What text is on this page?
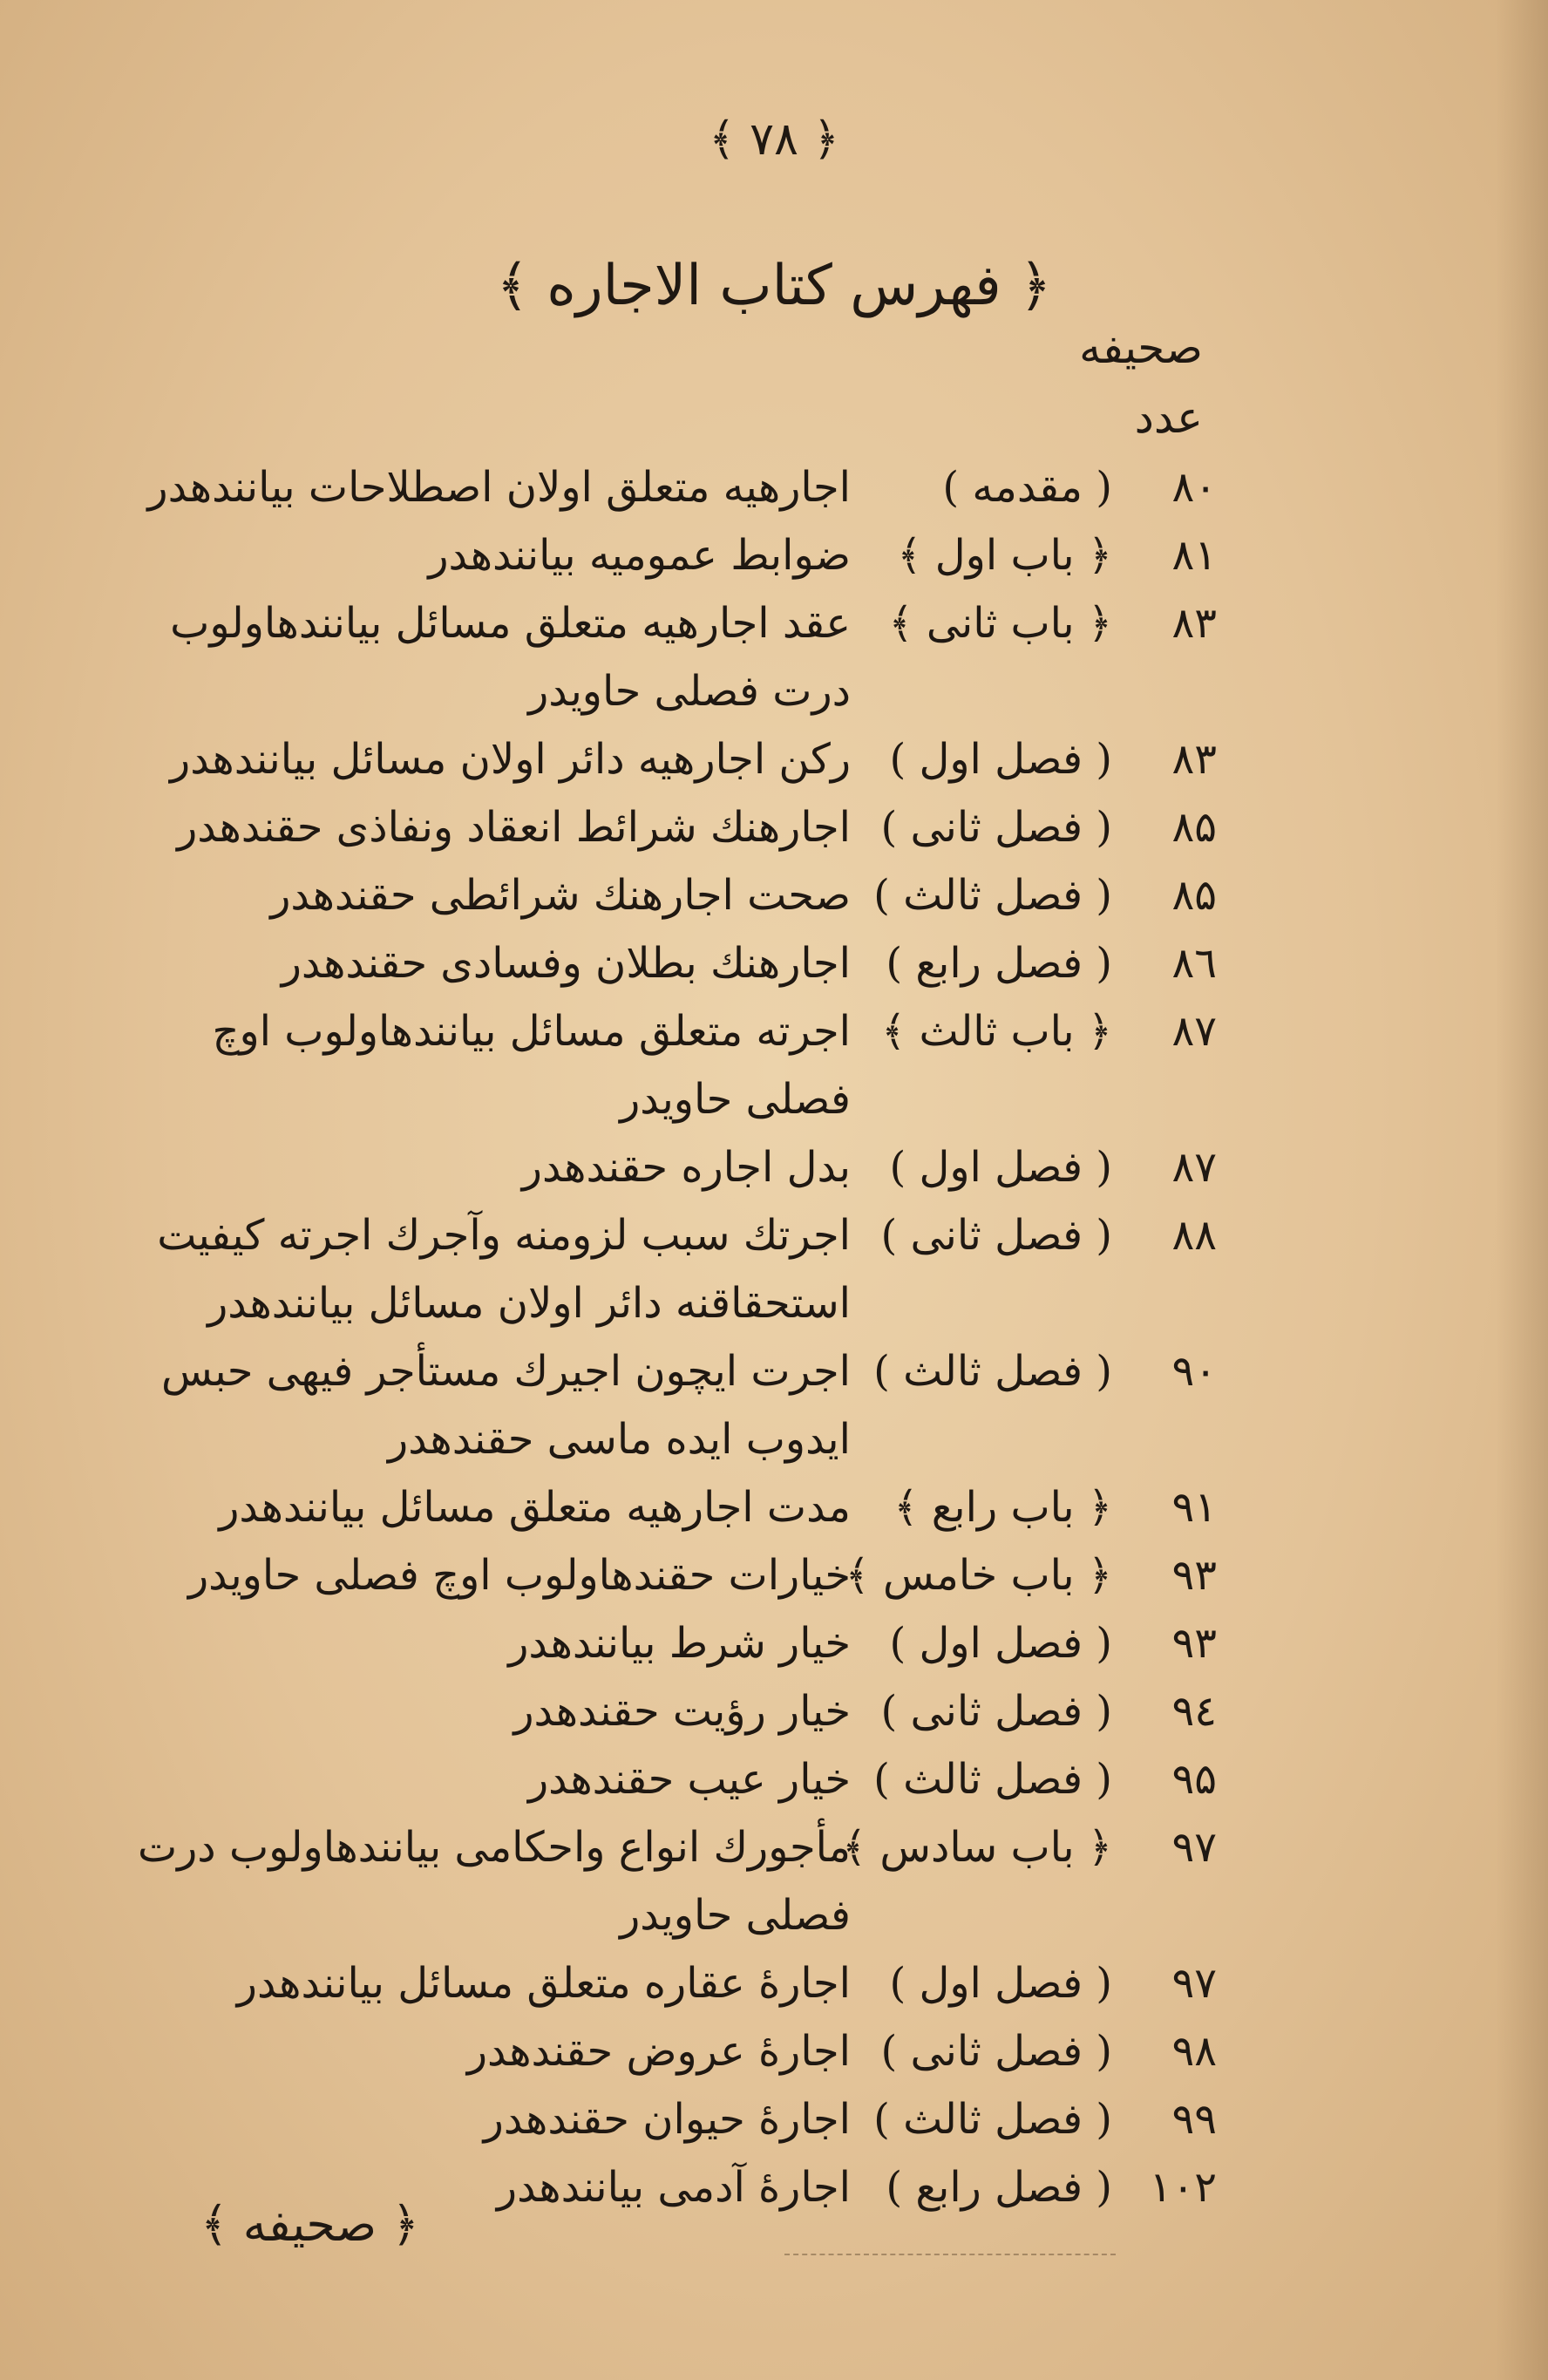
﴿ ۷۸ ﴾
﴿ فهرس كتاب الاجاره ﴾
صحيفه
عدد
۸۰
( مقدمه )
اجارهيه متعلق اولان اصطلاحات بيانندهدر
۸۱
﴿ باب اول ﴾
ضوابط عموميه بيانندهدر
۸۳
﴿ باب ثانى ﴾
عقد اجارهيه متعلق مسائل بيانندهاولوب درت فصلى حاويدر
۸۳
( فصل اول )
ركن اجارهيه دائر اولان مسائل بيانندهدر
۸۵
( فصل ثانى )
اجارهنك شرائط انعقاد ونفاذى حقندهدر
۸۵
( فصل ثالث )
صحت اجارهنك شرائطى حقندهدر
۸٦
( فصل رابع )
اجارهنك بطلان وفسادى حقندهدر
۸۷
﴿ باب ثالث ﴾
اجرته متعلق مسائل بيانندهاولوب اوچ فصلى حاويدر
۸۷
( فصل اول )
بدل اجاره حقندهدر
۸۸
( فصل ثانى )
اجرتك سبب لزومنه وآجرك اجرته كيفيت استحقاقنه دائر اولان مسائل بيانندهدر
۹۰
( فصل ثالث )
اجرت ايچون اجيرك مستأجر فيهى حبس ايدوب ايده ماسى حقندهدر
۹۱
﴿ باب رابع ﴾
مدت اجارهيه متعلق مسائل بيانندهدر
۹۳
﴿ باب خامس ﴾
خيارات حقندهاولوب اوچ فصلى حاويدر
۹۳
( فصل اول )
خيار شرط بيانندهدر
۹٤
( فصل ثانى )
خيار رؤيت حقندهدر
۹۵
( فصل ثالث )
خيار عيب حقندهدر
۹۷
﴿ باب سادس ﴾
مأجورك انواع واحكامى بيانندهاولوب درت فصلى حاويدر
۹۷
( فصل اول )
اجارهٔ عقاره متعلق مسائل بيانندهدر
۹۸
( فصل ثانى )
اجارهٔ عروض حقندهدر
۹۹
( فصل ثالث )
اجارهٔ حيوان حقندهدر
۱۰۲
( فصل رابع )
اجارهٔ آدمى بيانندهدر
﴿ صحيفه ﴾
